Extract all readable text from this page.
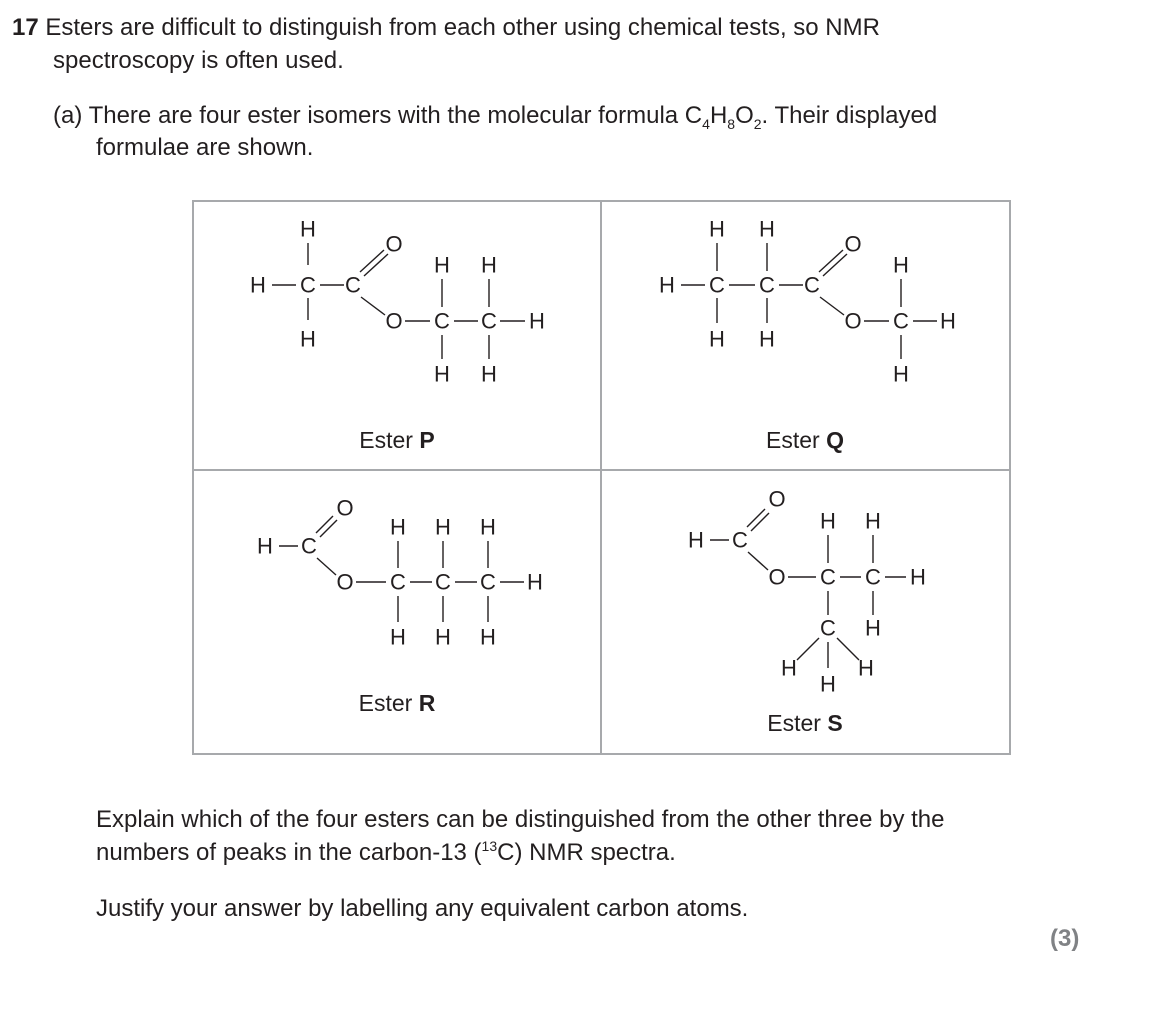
17 Esters are difficult to distinguish from each other using chemical tests, so NMR
spectroscopy is often used.
(a) There are four ester isomers with the molecular formula $C_4H_8O_2$. Their displayed
formulae are shown.
H
H C
H
C
O
O C C H
H H
H H
H H
H C C
H H
C
O
O C H
H
H
H C
O
O C C C H
H H H
H H H
H C
O
O C C H
H H
C H
H	H
H
Ester P	Ester Q
Ester R
Ester S
Explain which of the four esters can be distinguished from the other three by the
numbers of peaks in the carbon-13 ($^{13}$C) NMR spectra.
Justify your answer by labelling any equivalent carbon atoms.
(3)
